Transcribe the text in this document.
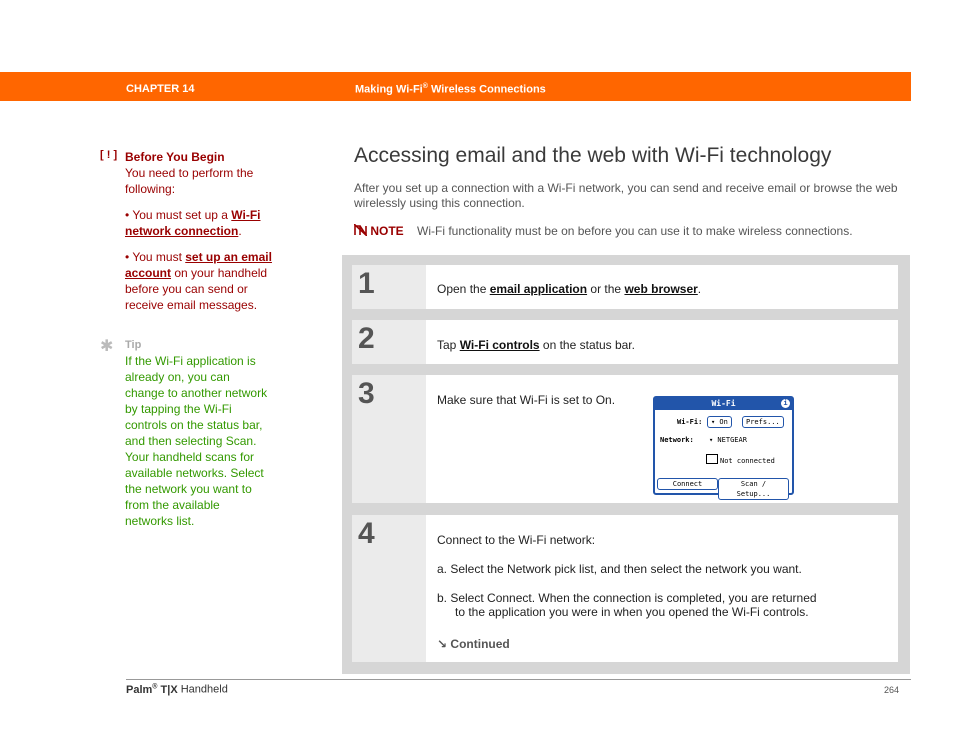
CHAPTER 14	Making Wi-Fi® Wireless Connections
[ ! ] Before You Begin
You need to perform the following:
• You must set up a Wi-Fi network connection.
• You must set up an email account on your handheld before you can send or receive email messages.
✱ Tip
If the Wi-Fi application is already on, you can change to another network by tapping the Wi-Fi controls on the status bar, and then selecting Scan. Your handheld scans for available networks. Select the network you want to from the available networks list.
Accessing email and the web with Wi-Fi technology
After you set up a connection with a Wi-Fi network, you can send and receive email or browse the web wirelessly using this connection.
NOTE Wi-Fi functionality must be on before you can use it to make wireless connections.
1	Open the email application or the web browser.
2	Tap Wi-Fi controls on the status bar.
3	Make sure that Wi-Fi is set to On.	Wi-Fi	i
Wi-Fi:	▾ On	Prefs...
Network: ▾ NETGEAR
Not connected
Connect	Scan / Setup...
4	Connect to the Wi-Fi network:
a. Select the Network pick list, and then select the network you want.
b. Select Connect. When the connection is completed, you are returned
to the application you were in when you opened the Wi-Fi controls.
↘ Continued
Palm® T|X Handheld	264
